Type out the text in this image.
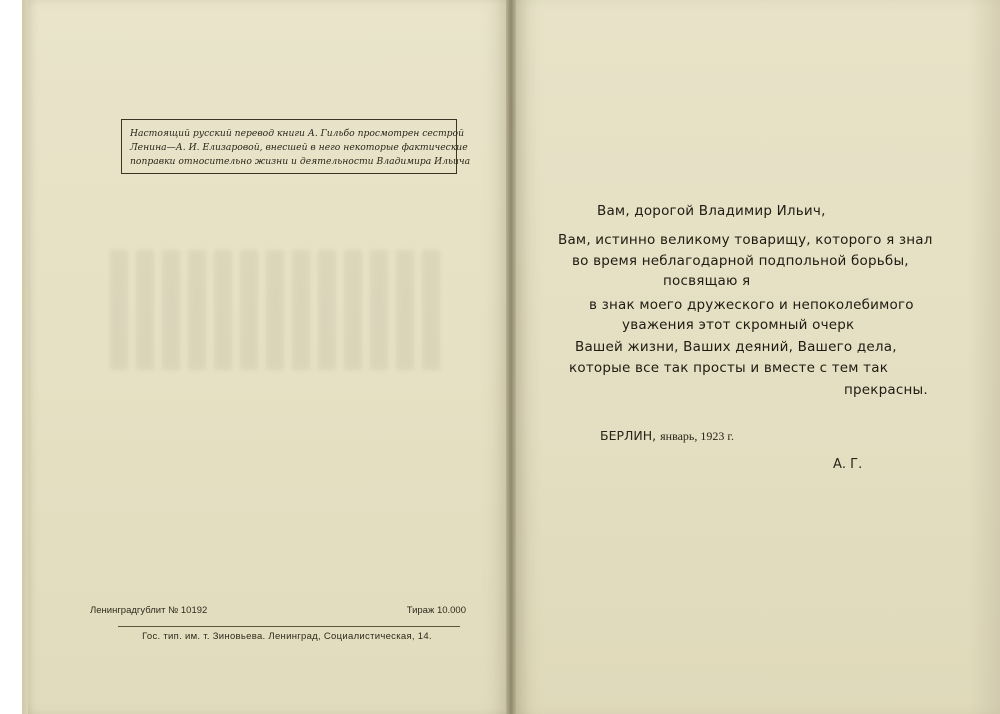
Настоящий русский перевод книги А. Гильбо просмотрен сестрой
Ленина—А. И. Елизаровой, внесшей в него некоторые фактические
поправки относительно жизни и деятельности Владимира Ильича
Ленинградгублит № 10192	Тираж 10.000
Гос. тип. им. т. Зиновьева. Ленинград, Социалистическая, 14.
Вам, дорогой Владимир Ильич,
Вам, истинно великому товарищу, которого я знал
во время неблагодарной подпольной борьбы,
посвящаю я
в знак моего дружеского и непоколебимого
уважения этот скромный очерк
Вашей жизни, Ваших деяний, Вашего дела,
которые все так просты и вместе с тем так
прекрасны.
БЕРЛИН, январь, 1923 г.
А. Г.
